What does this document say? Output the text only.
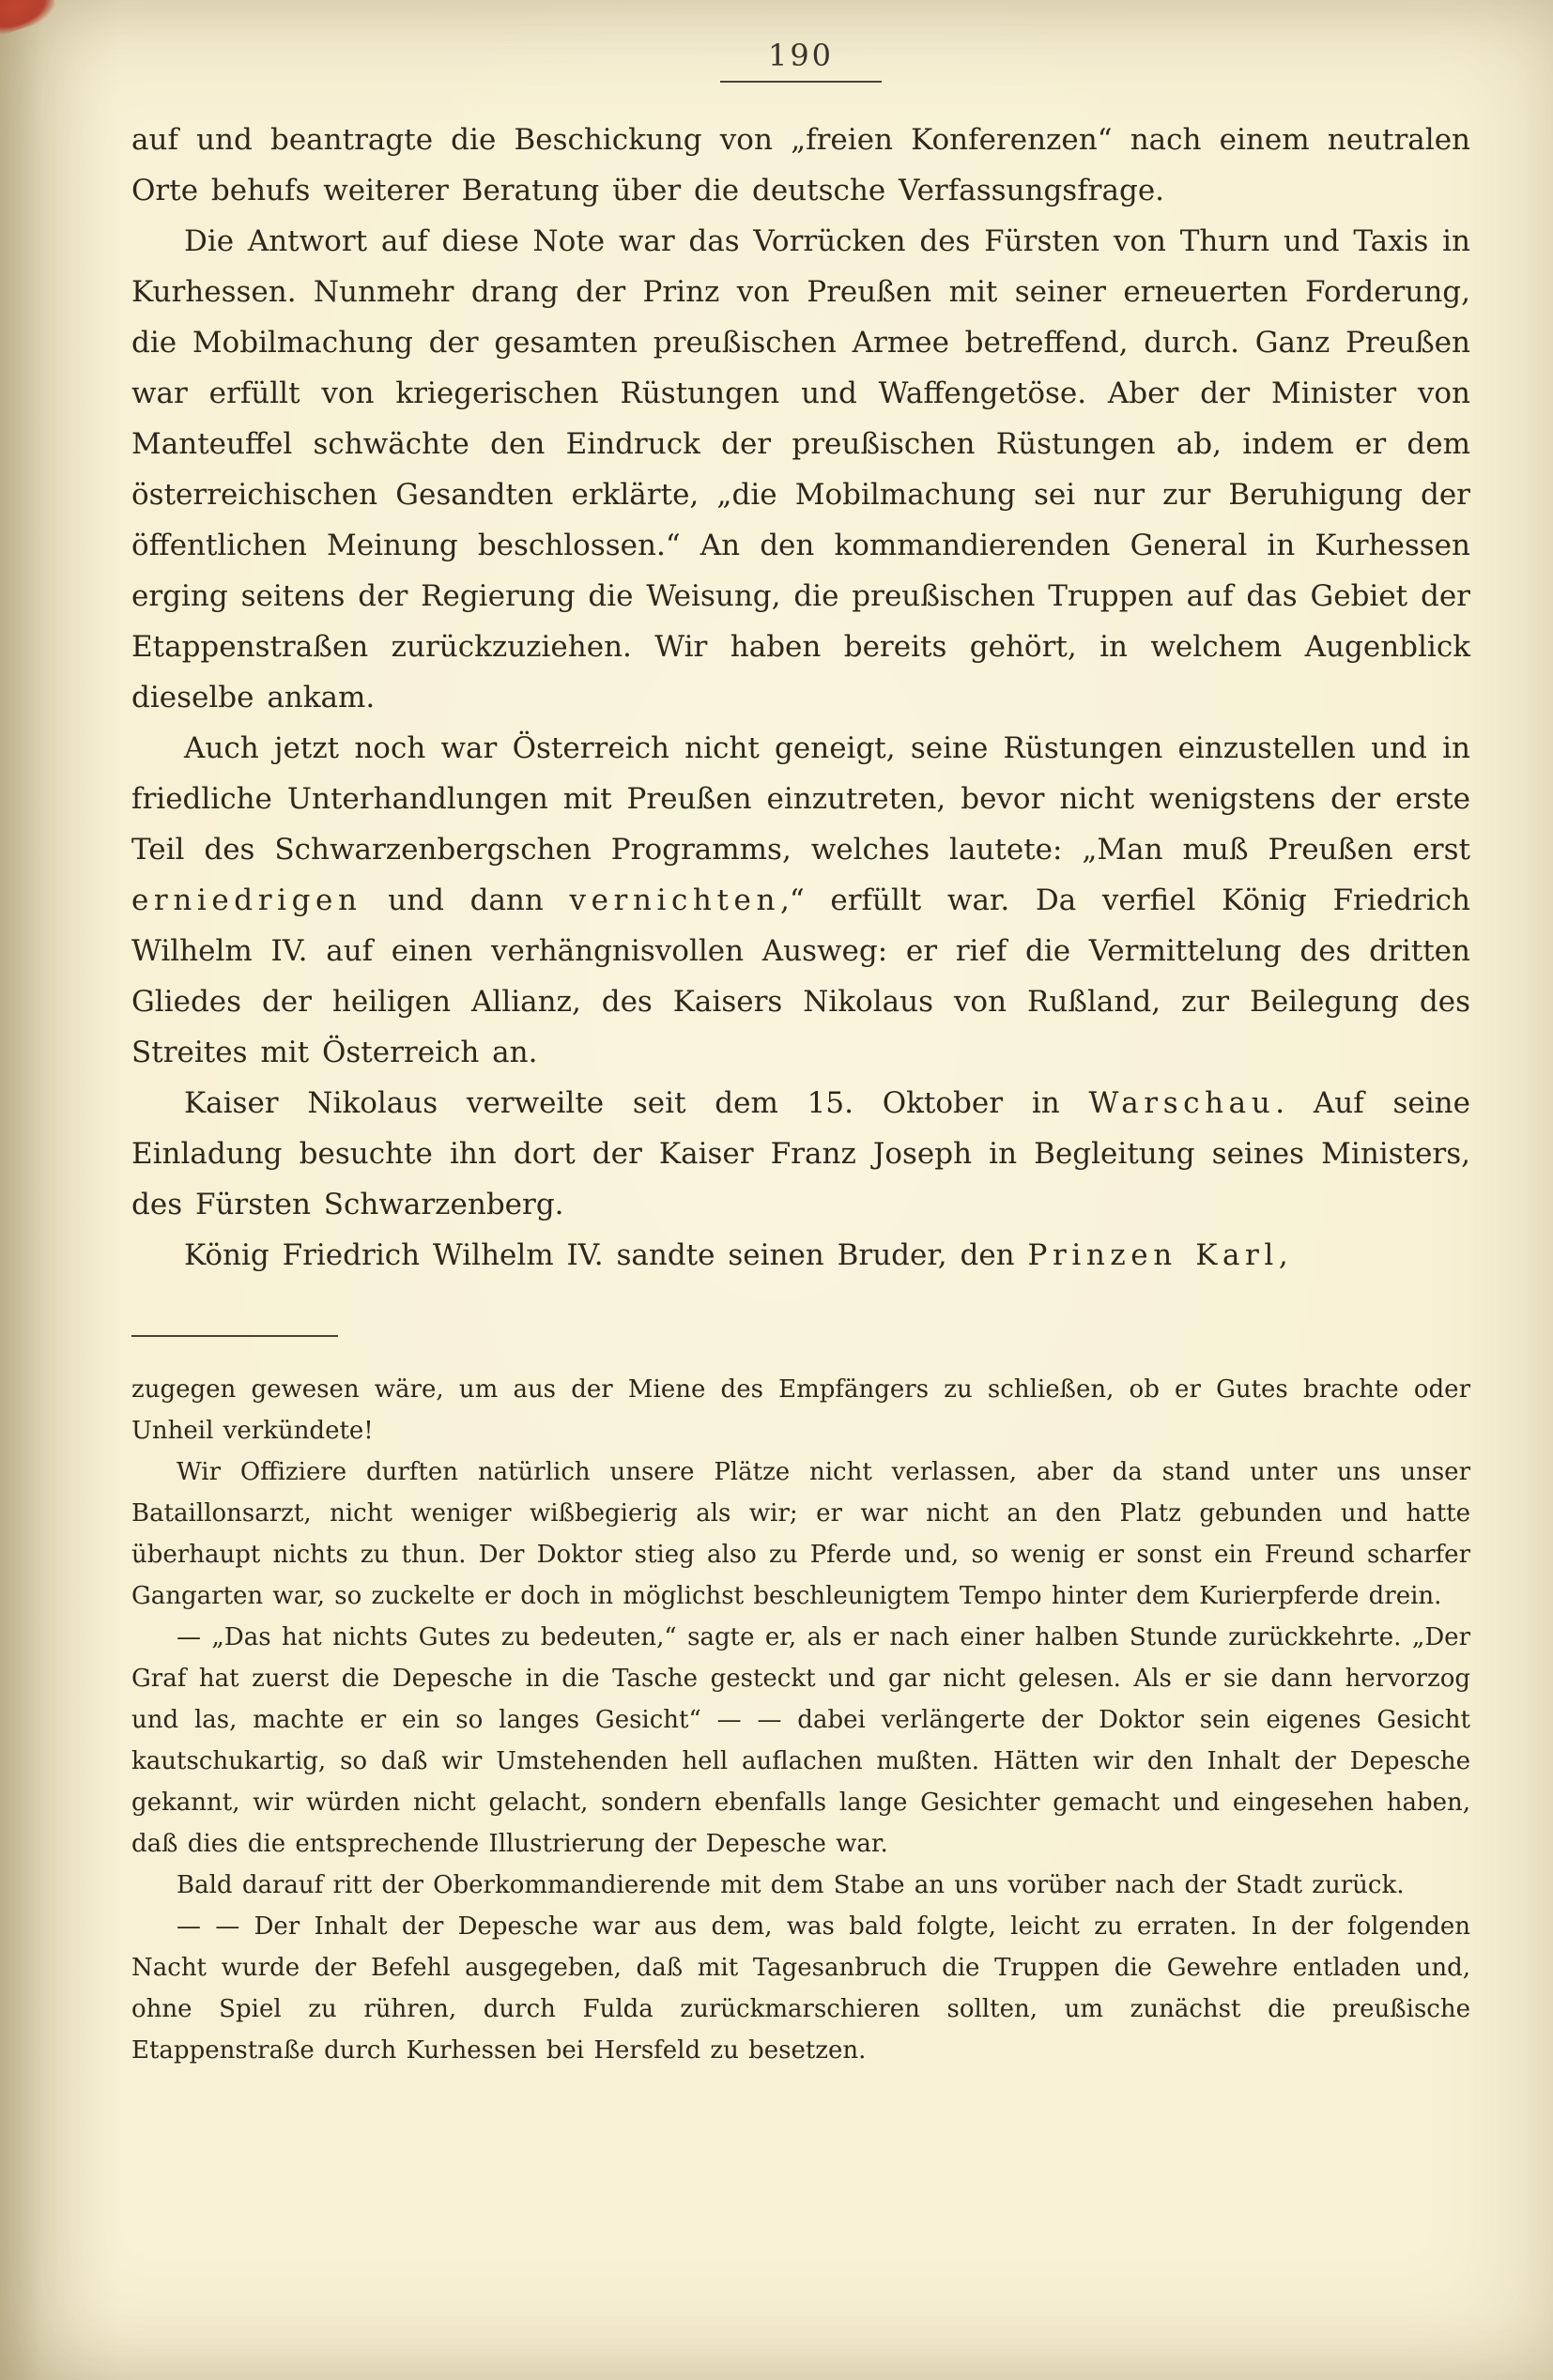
190

auf und beantragte die Beschickung von „freien Konferenzen“ nach einem neutralen Orte behufs weiterer Beratung über die deutsche Verfassungsfrage.

Die Antwort auf diese Note war das Vorrücken des Fürsten von Thurn und Taxis in Kurhessen. Nunmehr drang der Prinz von Preußen mit seiner erneuerten Forderung, die Mobilmachung der gesamten preußischen Armee betreffend, durch. Ganz Preußen war erfüllt von kriegerischen Rüstungen und Waffengetöse. Aber der Minister von Manteuffel schwächte den Eindruck der preußischen Rüstungen ab, indem er dem österreichischen Gesandten erklärte, „die Mobilmachung sei nur zur Beruhigung der öffentlichen Meinung beschlossen.“ An den kommandierenden General in Kurhessen erging seitens der Regierung die Weisung, die preußischen Truppen auf das Gebiet der Etappenstraßen zurückzuziehen. Wir haben bereits gehört, in welchem Augenblick dieselbe ankam.

Auch jetzt noch war Österreich nicht geneigt, seine Rüstungen einzustellen und in friedliche Unterhandlungen mit Preußen einzutreten, bevor nicht wenigstens der erste Teil des Schwarzenbergschen Programms, welches lautete: „Man muß Preußen erst erniedrigen und dann vernichten,“ erfüllt war. Da verfiel König Friedrich Wilhelm IV. auf einen verhängnisvollen Ausweg: er rief die Vermittelung des dritten Gliedes der heiligen Allianz, des Kaisers Nikolaus von Rußland, zur Beilegung des Streites mit Österreich an.

Kaiser Nikolaus verweilte seit dem 15. Oktober in Warschau. Auf seine Einladung besuchte ihn dort der Kaiser Franz Joseph in Begleitung seines Ministers, des Fürsten Schwarzenberg.

König Friedrich Wilhelm IV. sandte seinen Bruder, den Prinzen Karl,

zugegen gewesen wäre, um aus der Miene des Empfängers zu schließen, ob er Gutes brachte oder Unheil verkündete!

Wir Offiziere durften natürlich unsere Plätze nicht verlassen, aber da stand unter uns unser Bataillonsarzt, nicht weniger wißbegierig als wir; er war nicht an den Platz gebunden und hatte überhaupt nichts zu thun. Der Doktor stieg also zu Pferde und, so wenig er sonst ein Freund scharfer Gangarten war, so zuckelte er doch in möglichst beschleunigtem Tempo hinter dem Kurierpferde drein.

— „Das hat nichts Gutes zu bedeuten,“ sagte er, als er nach einer halben Stunde zurückkehrte. „Der Graf hat zuerst die Depesche in die Tasche gesteckt und gar nicht gelesen. Als er sie dann hervorzog und las, machte er ein so langes Gesicht“ — — dabei verlängerte der Doktor sein eigenes Gesicht kautschukartig, so daß wir Umstehenden hell auflachen mußten. Hätten wir den Inhalt der Depesche gekannt, wir würden nicht gelacht, sondern ebenfalls lange Gesichter gemacht und eingesehen haben, daß dies die entsprechende Illustrierung der Depesche war.

Bald darauf ritt der Oberkommandierende mit dem Stabe an uns vorüber nach der Stadt zurück.

— — Der Inhalt der Depesche war aus dem, was bald folgte, leicht zu erraten. In der folgenden Nacht wurde der Befehl ausgegeben, daß mit Tagesanbruch die Truppen die Gewehre entladen und, ohne Spiel zu rühren, durch Fulda zurückmarschieren sollten, um zunächst die preußische Etappenstraße durch Kurhessen bei Hersfeld zu besetzen.
